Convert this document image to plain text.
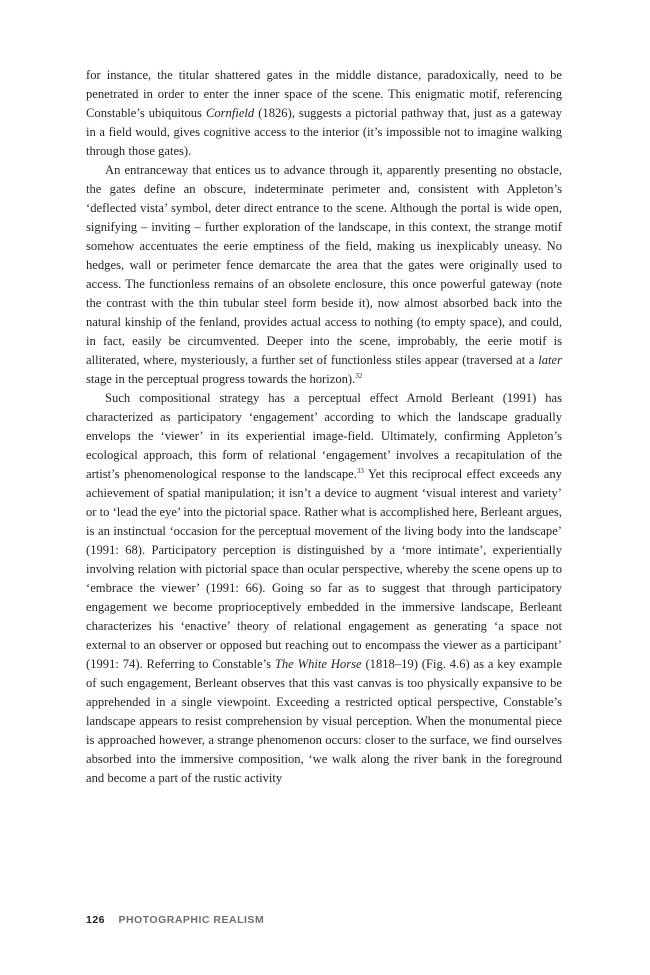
for instance, the titular shattered gates in the middle distance, paradoxically, need to be penetrated in order to enter the inner space of the scene. This enigmatic motif, referencing Constable’s ubiquitous Cornfield (1826), suggests a pictorial pathway that, just as a gateway in a field would, gives cognitive access to the interior (it’s impossible not to imagine walking through those gates).

An entranceway that entices us to advance through it, apparently presenting no obstacle, the gates define an obscure, indeterminate perimeter and, consistent with Appleton’s ‘deflected vista’ symbol, deter direct entrance to the scene. Although the portal is wide open, signifying – inviting – further exploration of the landscape, in this context, the strange motif somehow accentuates the eerie emptiness of the field, making us inexplicably uneasy. No hedges, wall or perimeter fence demarcate the area that the gates were originally used to access. The functionless remains of an obsolete enclosure, this once powerful gateway (note the contrast with the thin tubular steel form beside it), now almost absorbed back into the natural kinship of the fenland, provides actual access to nothing (to empty space), and could, in fact, easily be circumvented. Deeper into the scene, improbably, the eerie motif is alliterated, where, mysteriously, a further set of functionless stiles appear (traversed at a later stage in the perceptual progress towards the horizon).$^{32}$

Such compositional strategy has a perceptual effect Arnold Berleant (1991) has characterized as participatory ‘engagement’ according to which the landscape gradually envelops the ‘viewer’ in its experiential image-field. Ultimately, confirming Appleton’s ecological approach, this form of relational ‘engagement’ involves a recapitulation of the artist’s phenomenological response to the landscape.$^{33}$ Yet this reciprocal effect exceeds any achievement of spatial manipulation; it isn’t a device to augment ‘visual interest and variety’ or to ‘lead the eye’ into the pictorial space. Rather what is accomplished here, Berleant argues, is an instinctual ‘occasion for the perceptual movement of the living body into the landscape’ (1991: 68). Participatory perception is distinguished by a ‘more intimate’, experientially involving relation with pictorial space than ocular perspective, whereby the scene opens up to ‘embrace the viewer’ (1991: 66). Going so far as to suggest that through participatory engagement we become proprioceptively embedded in the immersive landscape, Berleant characterizes his ‘enactive’ theory of relational engagement as generating ‘a space not external to an observer or opposed but reaching out to encompass the viewer as a participant’ (1991: 74). Referring to Constable’s The White Horse (1818–19) (Fig. 4.6) as a key example of such engagement, Berleant observes that this vast canvas is too physically expansive to be apprehended in a single viewpoint. Exceeding a restricted optical perspective, Constable’s landscape appears to resist comprehension by visual perception. When the monumental piece is approached however, a strange phenomenon occurs: closer to the surface, we find ourselves absorbed into the immersive composition, ‘we walk along the river bank in the foreground and become a part of the rustic activity

126 PHOTOGRAPHIC REALISM
